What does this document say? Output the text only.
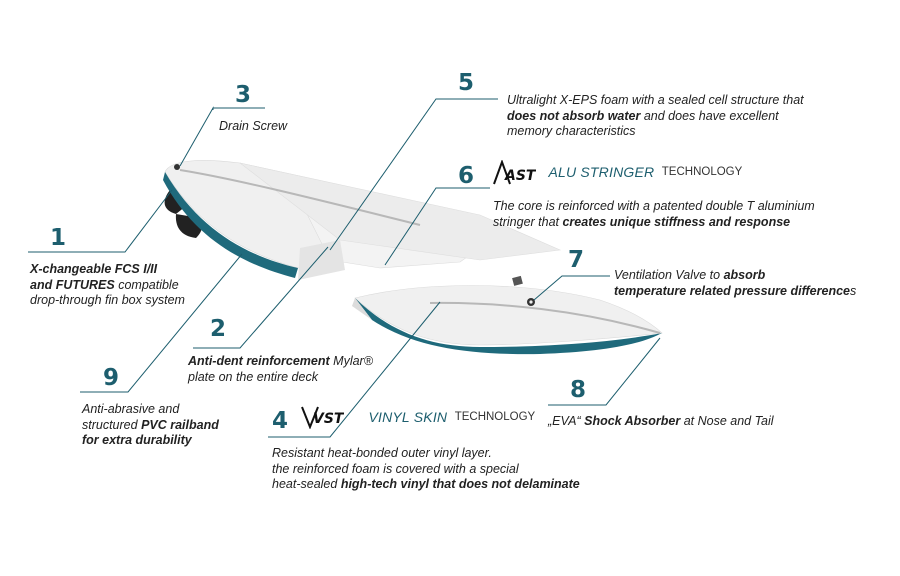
1
X-changeable FCS I/II
and FUTURES compatible
drop-through fin box system
2
Anti-dent reinforcement Mylar®
plate on the entire deck
3
Drain Screw
4 VST VINYL SKIN TECHNOLOGY
Resistant heat-bonded outer vinyl layer.
the reinforced foam is covered with a special
heat-sealed high-tech vinyl that does not delaminate
5
Ultralight X-EPS foam with a sealed cell structure that
does not absorb water and does have excellent
memory characteristics
6 AST ALU STRINGER TECHNOLOGY
The core is reinforced with a patented double T aluminium
stringer that creates unique stiffness and response
7
Ventilation Valve to absorb
temperature related pressure differences
8
„EVA“ Shock Absorber at Nose and Tail
9
Anti-abrasive and
structured PVC railband
for extra durability
